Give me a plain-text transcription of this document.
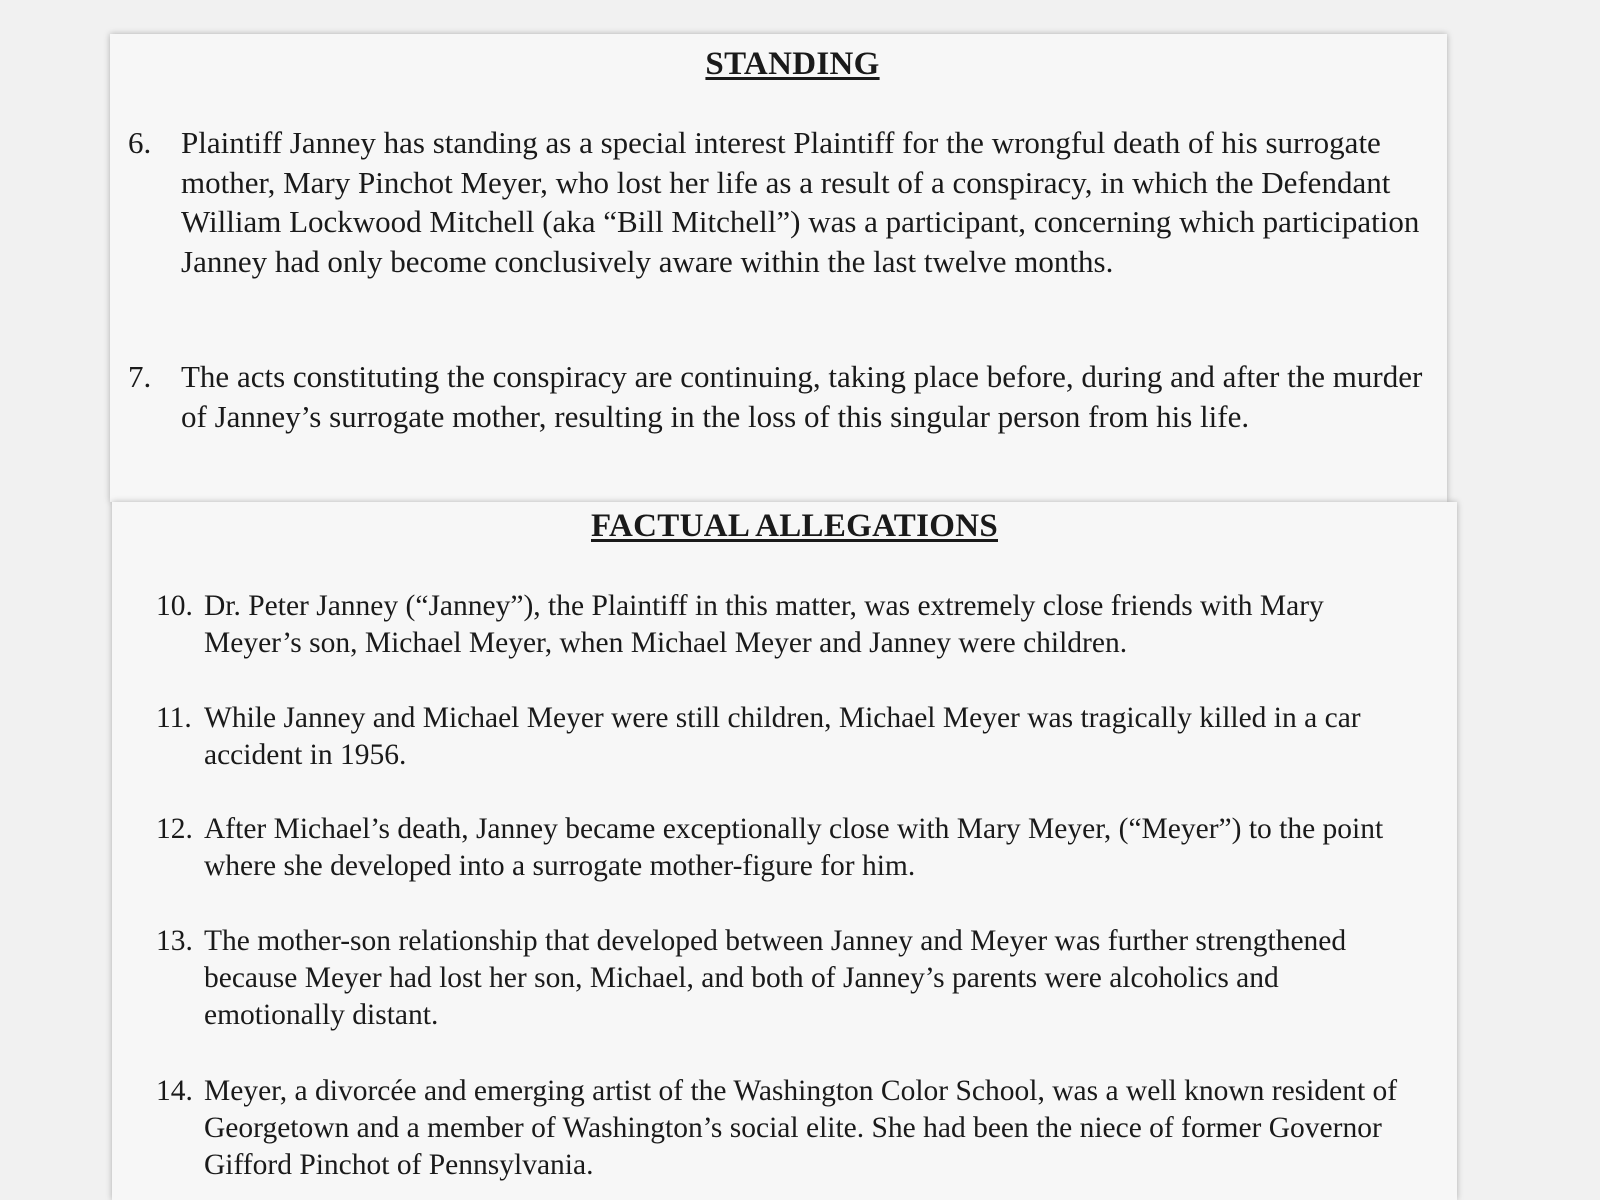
STANDING
6. Plaintiff Janney has standing as a special interest Plaintiff for the wrongful death of his surrogate mother, Mary Pinchot Meyer, who lost her life as a result of a conspiracy, in which the Defendant William Lockwood Mitchell (aka “Bill Mitchell”) was a participant, concerning which participation Janney had only become conclusively aware within the last twelve months.
7. The acts constituting the conspiracy are continuing, taking place before, during and after the murder of Janney’s surrogate mother, resulting in the loss of this singular person from his life.
FACTUAL ALLEGATIONS
10. Dr. Peter Janney (“Janney”), the Plaintiff in this matter, was extremely close friends with Mary Meyer’s son, Michael Meyer, when Michael Meyer and Janney were children.
11. While Janney and Michael Meyer were still children, Michael Meyer was tragically killed in a car accident in 1956.
12. After Michael’s death, Janney became exceptionally close with Mary Meyer, (“Meyer”) to the point where she developed into a surrogate mother-figure for him.
13. The mother-son relationship that developed between Janney and Meyer was further strengthened because Meyer had lost her son, Michael, and both of Janney’s parents were alcoholics and emotionally distant.
14. Meyer, a divorcée and emerging artist of the Washington Color School, was a well known resident of Georgetown and a member of Washington’s social elite. She had been the niece of former Governor Gifford Pinchot of Pennsylvania.
